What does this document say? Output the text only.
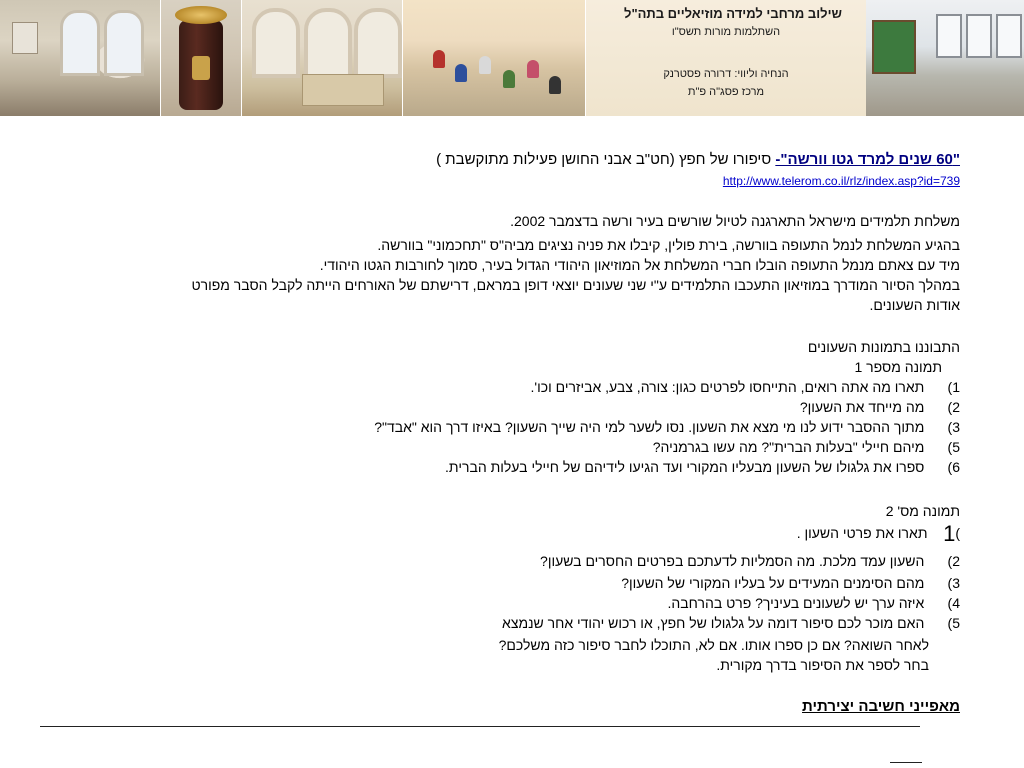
שילוב מרחבי למידה מוזיאליים בתה"ל
השתלמות מורות תשס"ו
הנחיה וליווי: דרורה פסטרנק
מרכז פסג"ה פ"ת
"60 שנים למרד גטו וורשה"- סיפורו של חפץ (חט"ב אבני החושן פעילות מתוקשבת )
http://www.telerom.co.il/rlz/index.asp?id=739
משלחת תלמידים מישראל התארגנה לטיול שורשים בעיר ורשה בדצמבר 2002.
בהגיע המשלחת לנמל התעופה בוורשה, בירת פולין, קיבלו את פניה נציגים מביה"ס "תחכמוני" בוורשה.
מיד עם צאתם מנמל התעופה הובלו חברי המשלחת אל המוזיאון היהודי הגדול בעיר, סמוך לחורבות הגטו היהודי.
במהלך הסיור המודרך במוזיאון התעכבו התלמידים ע"י שני שעונים יוצאי דופן במראם, דרישתם של האורחים הייתה לקבל הסבר מפורט
אודות השעונים.
התבוננו בתמונות השעונים
תמונה מספר 1
1)   תארו מה אתה רואים, התייחסו לפרטים כגון: צורה, צבע, אביזרים וכו'.
2)   מה מייחד את השעון?
3)   מתוך ההסבר ידוע לנו מי מצא את השעון. נסו לשער למי היה שייך השעון? באיזו דרך הוא "אבד"?
5)   מיהם חיילי "בעלות הברית"? מה עשו בגרמניה?
6)   ספרו את גלגולו של השעון מבעליו המקורי ועד הגיעו לידיהם של חיילי בעלות הברית.
תמונה מס' 2
)1    תארו את פרטי השעון .
2)   השעון עמד מלכת. מה הסמליות לדעתכם בפרטים החסרים בשעון?
3)   מהם הסימנים המעידים על בעליו המקורי של השעון?
4)   איזה ערך יש לשעונים בעיניך? פרט בהרחבה.
5)   האם מוכר לכם סיפור דומה על גלגולו של חפץ, או רכוש יהודי אחר שנמצא
לאחר השואה? אם כן ספרו אותו. אם לא, התוכלו לחבר סיפור כזה משלכם?
בחר לספר את הסיפור בדרך מקורית.
מאפייני חשיבה יצירתית
